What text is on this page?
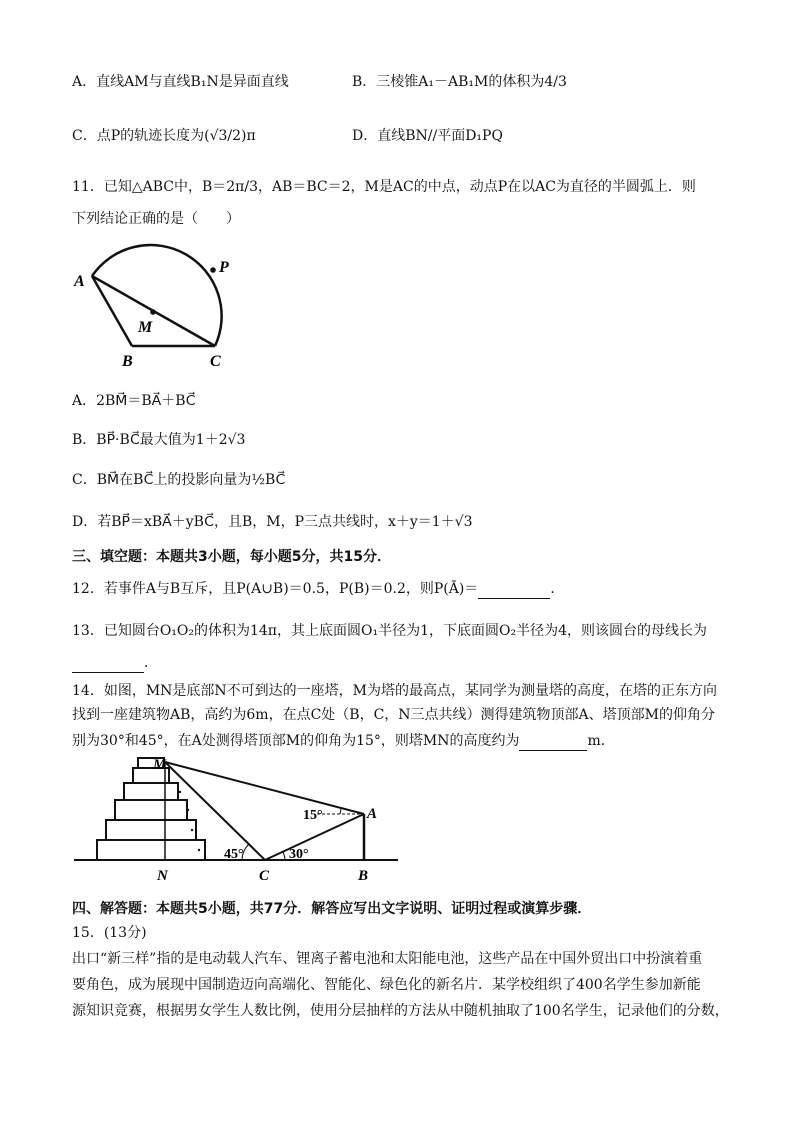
A．直线AM与直线B₁N是异面直线	B．三棱锥A₁－AB₁M的体积为4/3
C．点P的轨迹长度为(√3/2)π	D．直线BN//平面D₁PQ
11．已知△ABC中，B＝2π/3，AB＝BC＝2，M是AC的中点，动点P在以AC为直径的半圆弧上．则
下列结论正确的是（　　）
A
P
M
B	C
A．2BM⃗＝BA⃗＋BC⃗
B．BP⃗·BC⃗最大值为1＋2√3
C．BM⃗在BC⃗上的投影向量为½BC⃗
D．若BP⃗＝xBA⃗＋yBC⃗，且B，M，P三点共线时，x＋y＝1＋√3
三、填空题：本题共3小题，每小题5分，共15分．
12．若事件A与B互斥，且P(A∪B)＝0.5，P(B)＝0.2，则P(Ā)＝	．
13．已知圆台O₁O₂的体积为14π，其上底面圆O₁半径为1，下底面圆O₂半径为4，则该圆台的母线长为
．
14．如图，MN是底部N不可到达的一座塔，M为塔的最高点，某同学为测量塔的高度，在塔的正东方向
找到一座建筑物AB，高约为6m，在点C处（B，C，N三点共线）测得建筑物顶部A、塔顶部M的仰角分
别为30°和45°，在A处测得塔顶部M的仰角为15°，则塔MN的高度约为	m．
M
N	C
A
B
45°	30°
15°
四、解答题：本题共5小题，共77分．解答应写出文字说明、证明过程或演算步骤．
15．(13分)
出口“新三样”指的是电动载人汽车、锂离子蓄电池和太阳能电池，这些产品在中国外贸出口中扮演着重
要角色，成为展现中国制造迈向高端化、智能化、绿色化的新名片．某学校组织了400名学生参加新能
源知识竞赛，根据男女学生人数比例，使用分层抽样的方法从中随机抽取了100名学生，记录他们的分数，
